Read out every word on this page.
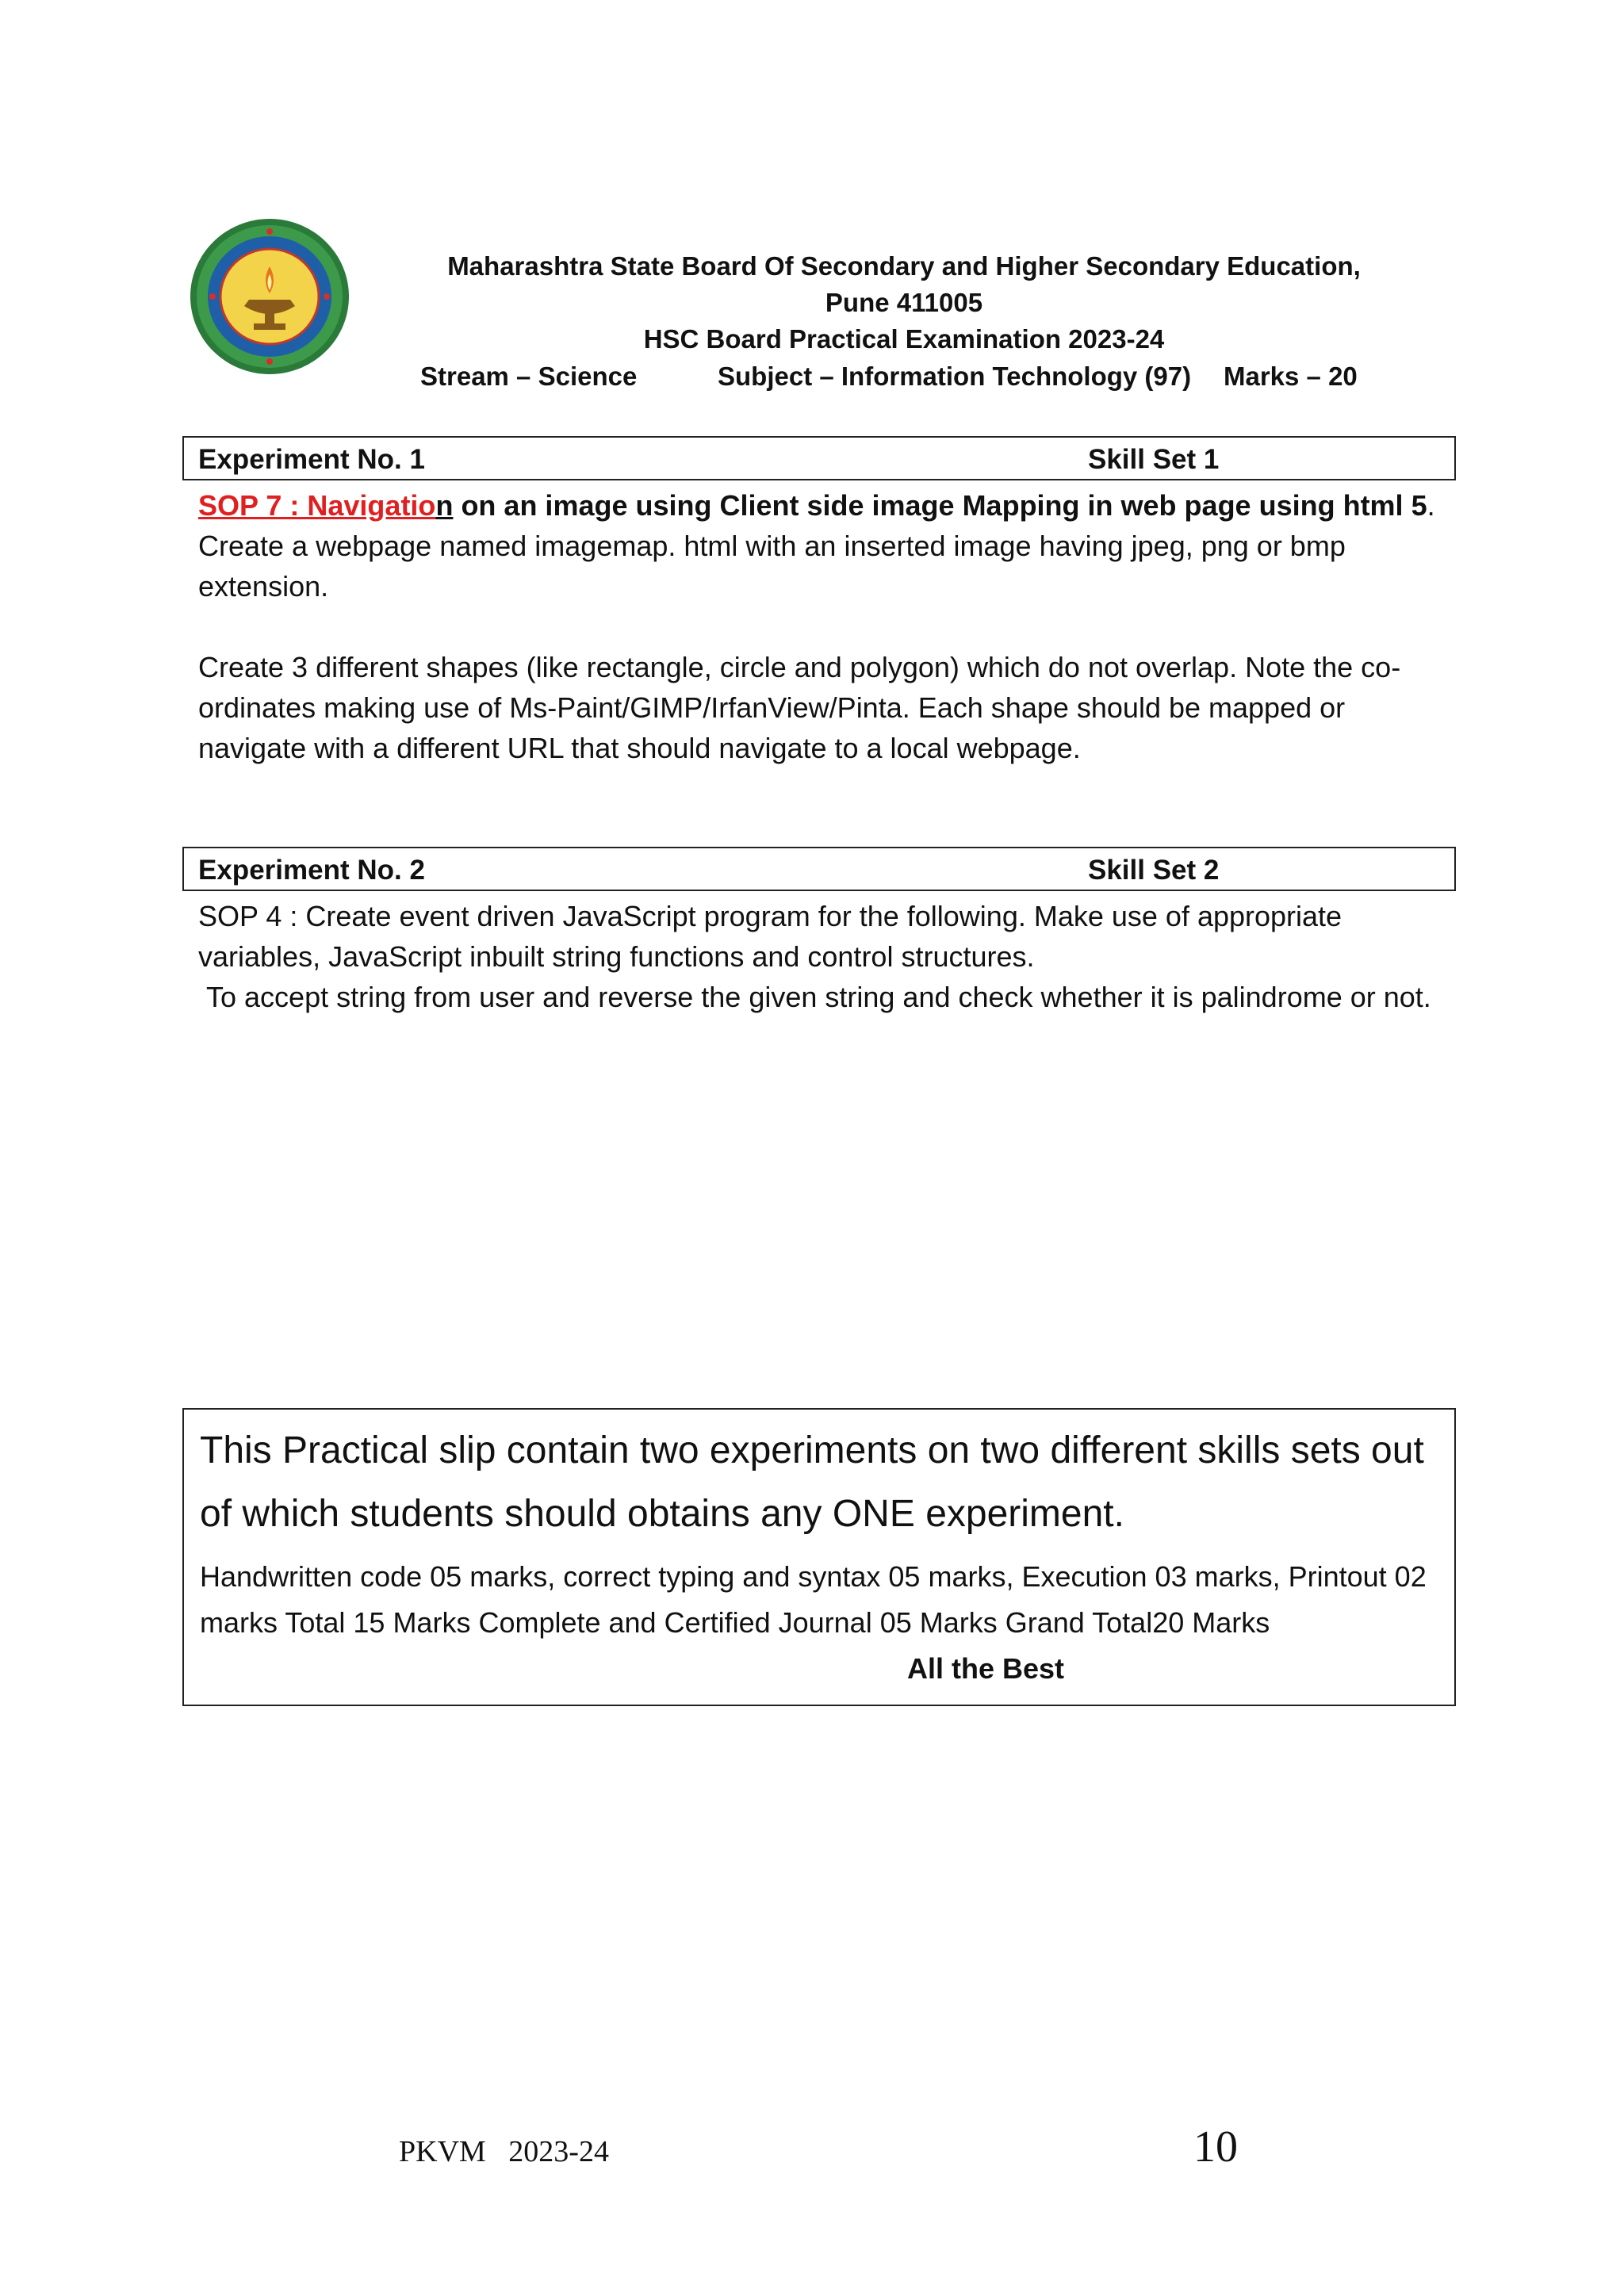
Maharashtra State Board Of Secondary and Higher Secondary Education,
Pune 411005
HSC Board Practical Examination 2023-24
Stream – Science	Subject – Information Technology (97) Marks – 20
Experiment No. 1	Skill Set 1
SOP 7 : Navigation on an image using Client side image Mapping in web page using html 5.
Create a webpage named imagemap. html with an inserted image having jpeg, png or bmp extension.
Create 3 different shapes (like rectangle, circle and polygon) which do not overlap. Note the co-ordinates making use of Ms-Paint/GIMP/IrfanView/Pinta. Each shape should be mapped or navigate with a different URL that should navigate to a local webpage.
Experiment No. 2	Skill Set 2
SOP 4 : Create event driven JavaScript program for the following. Make use of appropriate variables, JavaScript inbuilt string functions and control structures.
To accept string from user and reverse the given string and check whether it is palindrome or not.
This Practical slip contain two experiments on two different skills sets out of which students should obtains any ONE experiment.
Handwritten code 05 marks, correct typing and syntax 05 marks, Execution 03 marks, Printout 02 marks Total 15 Marks Complete and Certified Journal 05 Marks Grand Total20 Marks
All the Best
PKVM   2023-24	10
